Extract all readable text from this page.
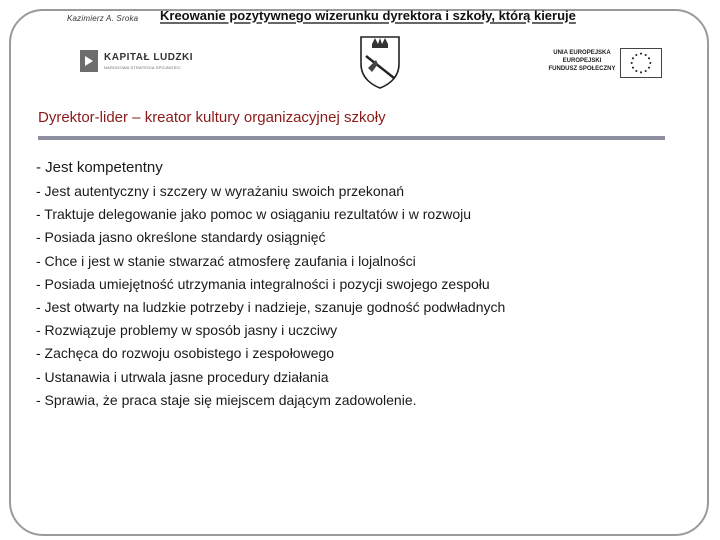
Kazimierz A. Sroka Kreowanie pozytywnego wizerunku dyrektora i szkoły, którą kieruje
KAPITAŁ LUDZKI
NARODOWA STRATEGIA SPÓJNOŚCI
UNIA EUROPEJSKA
EUROPEJSKI
FUNDUSZ SPOŁECZNY
Dyrektor-lider – kreator kultury organizacyjnej szkoły
- Jest kompetentny
- Jest autentyczny i szczery w wyrażaniu swoich przekonań
- Traktuje delegowanie jako pomoc w osiąganiu rezultatów i w rozwoju
- Posiada jasno określone standardy osiągnięć
- Chce i jest w stanie stwarzać atmosferę zaufania i lojalności
- Posiada umiejętność utrzymania integralności i pozycji swojego zespołu
- Jest otwarty na ludzkie potrzeby i nadzieje, szanuje godność podwładnych
- Rozwiązuje problemy w sposób jasny i uczciwy
- Zachęca do rozwoju osobistego i zespołowego
- Ustanawia i utrwala jasne procedury działania
- Sprawia, że praca staje się miejscem dającym zadowolenie.
